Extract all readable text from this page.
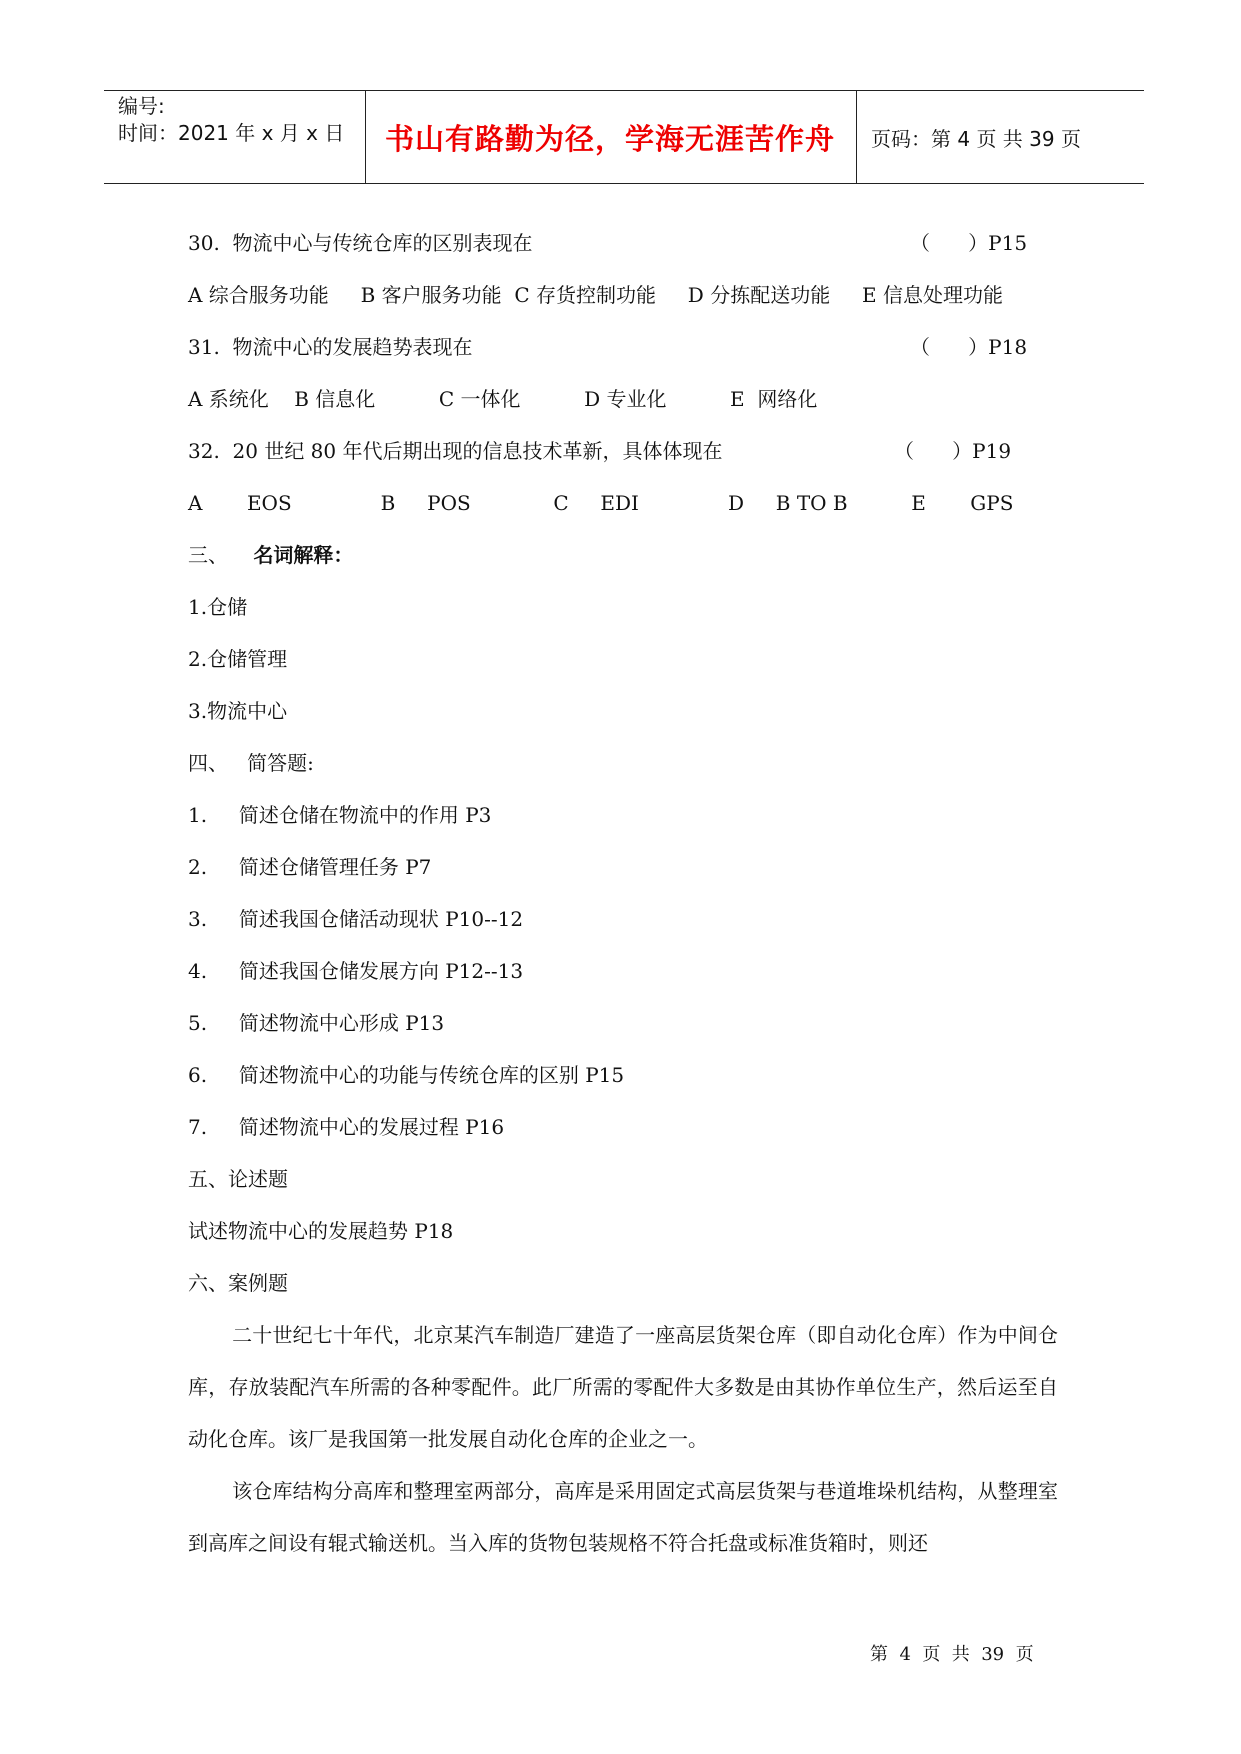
编号:
时间：2021 年 x 月 x 日	书山有路勤为径，学海无涯苦作舟	页码：第 4 页 共 39 页
30.  物流中心与传统仓库的区别表现在	（      ）P15
A 综合服务功能     B 客户服务功能  C 存货控制功能     D 分拣配送功能     E 信息处理功能
31.  物流中心的发展趋势表现在	（      ）P18
A 系统化    B 信息化          C 一体化          D 专业化          E  网络化
32.  20 世纪 80 年代后期出现的信息技术革新，具体体现在	（      ）P19
A       EOS              B     POS             C     EDI              D     B TO B          E       GPS
三、 名词解释：
1.仓储
2.仓储管理
3.物流中心
四、   简答题:
1.     简述仓储在物流中的作用 P3
2.     简述仓储管理任务 P7
3.     简述我国仓储活动现状 P10--12
4.     简述我国仓储发展方向 P12--13
5.     简述物流中心形成 P13
6.     简述物流中心的功能与传统仓库的区别 P15
7.     简述物流中心的发展过程 P16
五、论述题
试述物流中心的发展趋势 P18
六、案例题
二十世纪七十年代，北京某汽车制造厂建造了一座高层货架仓库（即自动化仓库）作为中间仓库，存放装配汽车所需的各种零配件。此厂所需的零配件大多数是由其协作单位生产，然后运至自动化仓库。该厂是我国第一批发展自动化仓库的企业之一。
该仓库结构分高库和整理室两部分，高库是采用固定式高层货架与巷道堆垛机结构，从整理室到高库之间设有辊式输送机。当入库的货物包装规格不符合托盘或标准货箱时，则还
第  4  页  共  39  页
